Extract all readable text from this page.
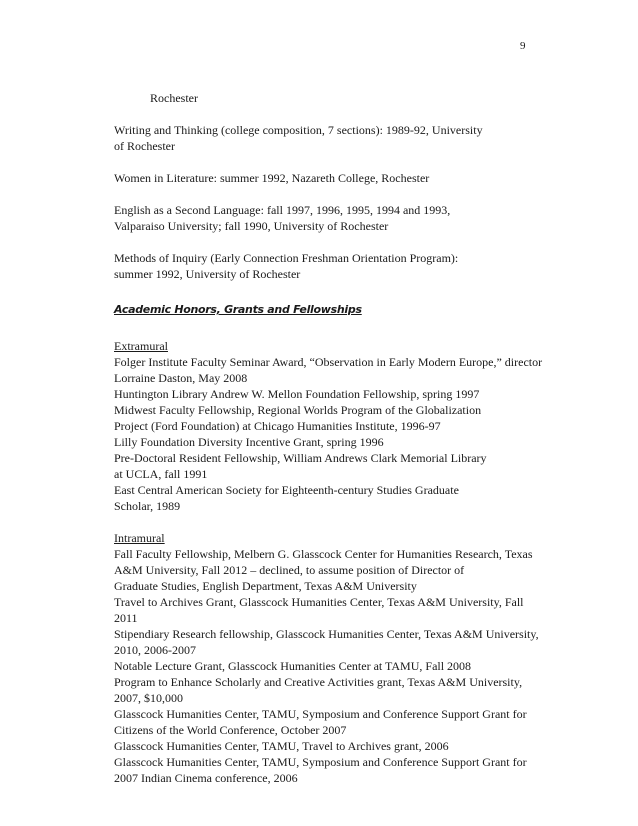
9

Rochester

Writing and Thinking (college composition, 7 sections): 1989-92, University
of Rochester

Women in Literature: summer 1992, Nazareth College, Rochester

English as a Second Language: fall 1997, 1996, 1995, 1994 and 1993,
Valparaiso University; fall 1990, University of Rochester

Methods of Inquiry (Early Connection Freshman Orientation Program):
summer 1992, University of Rochester

Academic Honors, Grants and Fellowships

Extramural

Folger Institute Faculty Seminar Award, “Observation in Early Modern Europe,” director
Lorraine Daston, May 2008

Huntington Library Andrew W. Mellon Foundation Fellowship, spring 1997

Midwest Faculty Fellowship, Regional Worlds Program of the Globalization
Project (Ford Foundation) at Chicago Humanities Institute, 1996-97

Lilly Foundation Diversity Incentive Grant, spring 1996

Pre-Doctoral Resident Fellowship, William Andrews Clark Memorial Library
at UCLA, fall 1991

East Central American Society for Eighteenth-century Studies Graduate
Scholar, 1989

Intramural

Fall Faculty Fellowship, Melbern G. Glasscock Center for Humanities Research, Texas
A&M University, Fall 2012 – declined, to assume position of Director of
Graduate Studies, English Department, Texas A&M University

Travel to Archives Grant, Glasscock Humanities Center, Texas A&M University, Fall
2011

Stipendiary Research fellowship, Glasscock Humanities Center, Texas A&M University,
2010, 2006-2007

Notable Lecture Grant, Glasscock Humanities Center at TAMU, Fall 2008

Program to Enhance Scholarly and Creative Activities grant, Texas A&M University,
2007, $10,000

Glasscock Humanities Center, TAMU, Symposium and Conference Support Grant for
Citizens of the World Conference, October 2007

Glasscock Humanities Center, TAMU, Travel to Archives grant, 2006

Glasscock Humanities Center, TAMU, Symposium and Conference Support Grant for
2007 Indian Cinema conference, 2006
